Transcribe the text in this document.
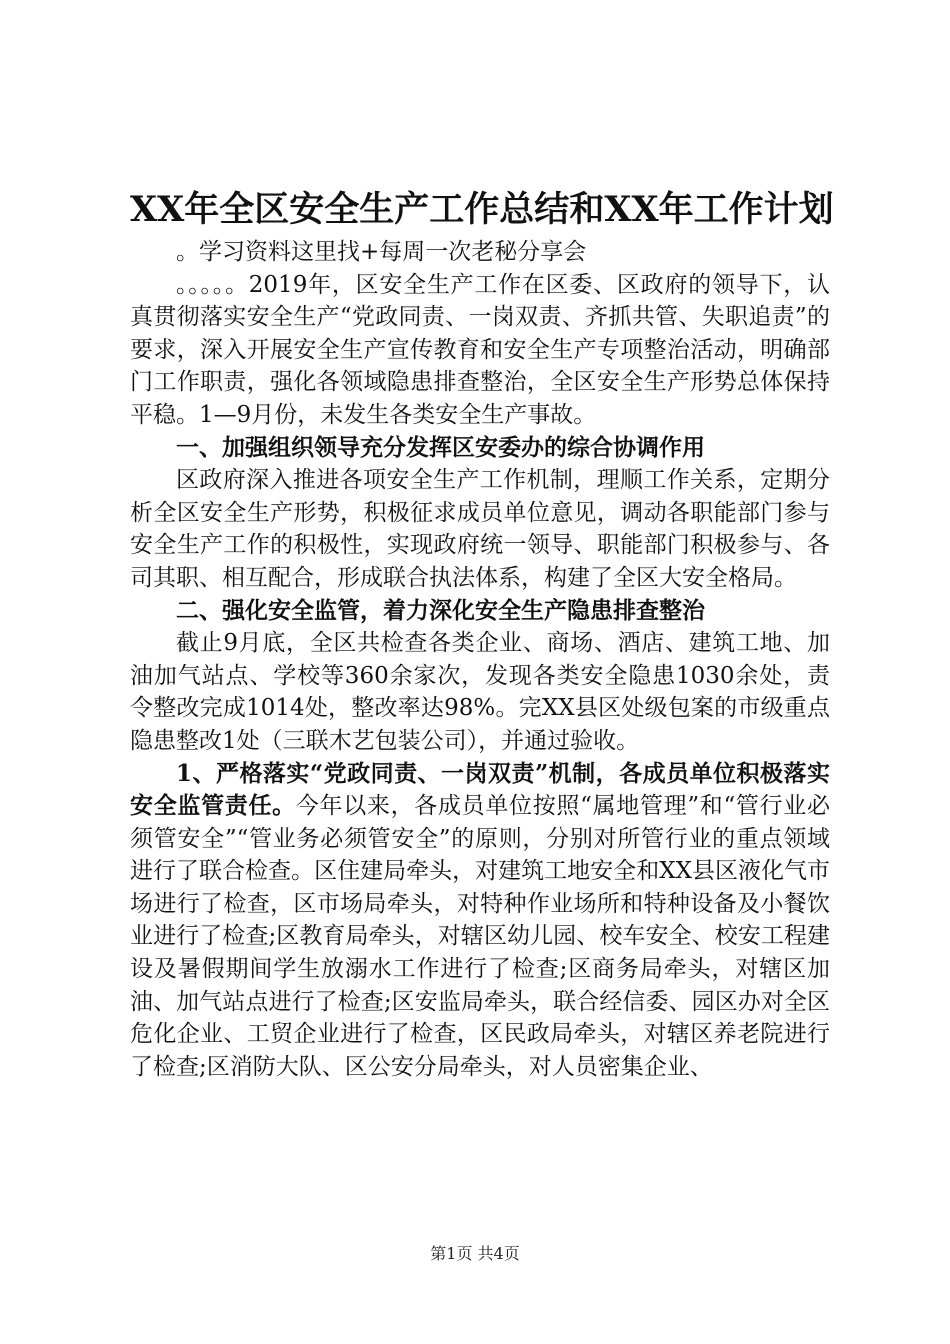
XX年全区安全生产工作总结和XX年工作计划

。学习资料这里找+每周一次老秘分享会

。。。。。2019年，区安全生产工作在区委、区政府的领导下，认真贯彻落实安全生产“党政同责、一岗双责、齐抓共管、失职追责”的要求，深入开展安全生产宣传教育和安全生产专项整治活动，明确部门工作职责，强化各领域隐患排查整治，全区安全生产形势总体保持平稳。1—9月份，未发生各类安全生产事故。

一、加强组织领导充分发挥区安委办的综合协调作用

区政府深入推进各项安全生产工作机制，理顺工作关系，定期分析全区安全生产形势，积极征求成员单位意见，调动各职能部门参与安全生产工作的积极性，实现政府统一领导、职能部门积极参与、各司其职、相互配合，形成联合执法体系，构建了全区大安全格局。

二、强化安全监管，着力深化安全生产隐患排查整治

截止9月底，全区共检查各类企业、商场、酒店、建筑工地、加油加气站点、学校等360余家次，发现各类安全隐患1030余处，责令整改完成1014处，整改率达98%。完XX县区处级包案的市级重点隐患整改1处（三联木艺包装公司），并通过验收。

1、严格落实“党政同责、一岗双责”机制，各成员单位积极落实安全监管责任。今年以来，各成员单位按照“属地管理”和“管行业必须管安全”“管业务必须管安全”的原则，分别对所管行业的重点领域进行了联合检查。区住建局牵头，对建筑工地安全和XX县区液化气市场进行了检查，区市场局牵头，对特种作业场所和特种设备及小餐饮业进行了检查;区教育局牵头，对辖区幼儿园、校车安全、校安工程建设及暑假期间学生放溺水工作进行了检查;区商务局牵头，对辖区加油、加气站点进行了检查;区安监局牵头，联合经信委、园区办对全区危化企业、工贸企业进行了检查，区民政局牵头，对辖区养老院进行了检查;区消防大队、区公安分局牵头，对人员密集企业、

第1页 共4页
